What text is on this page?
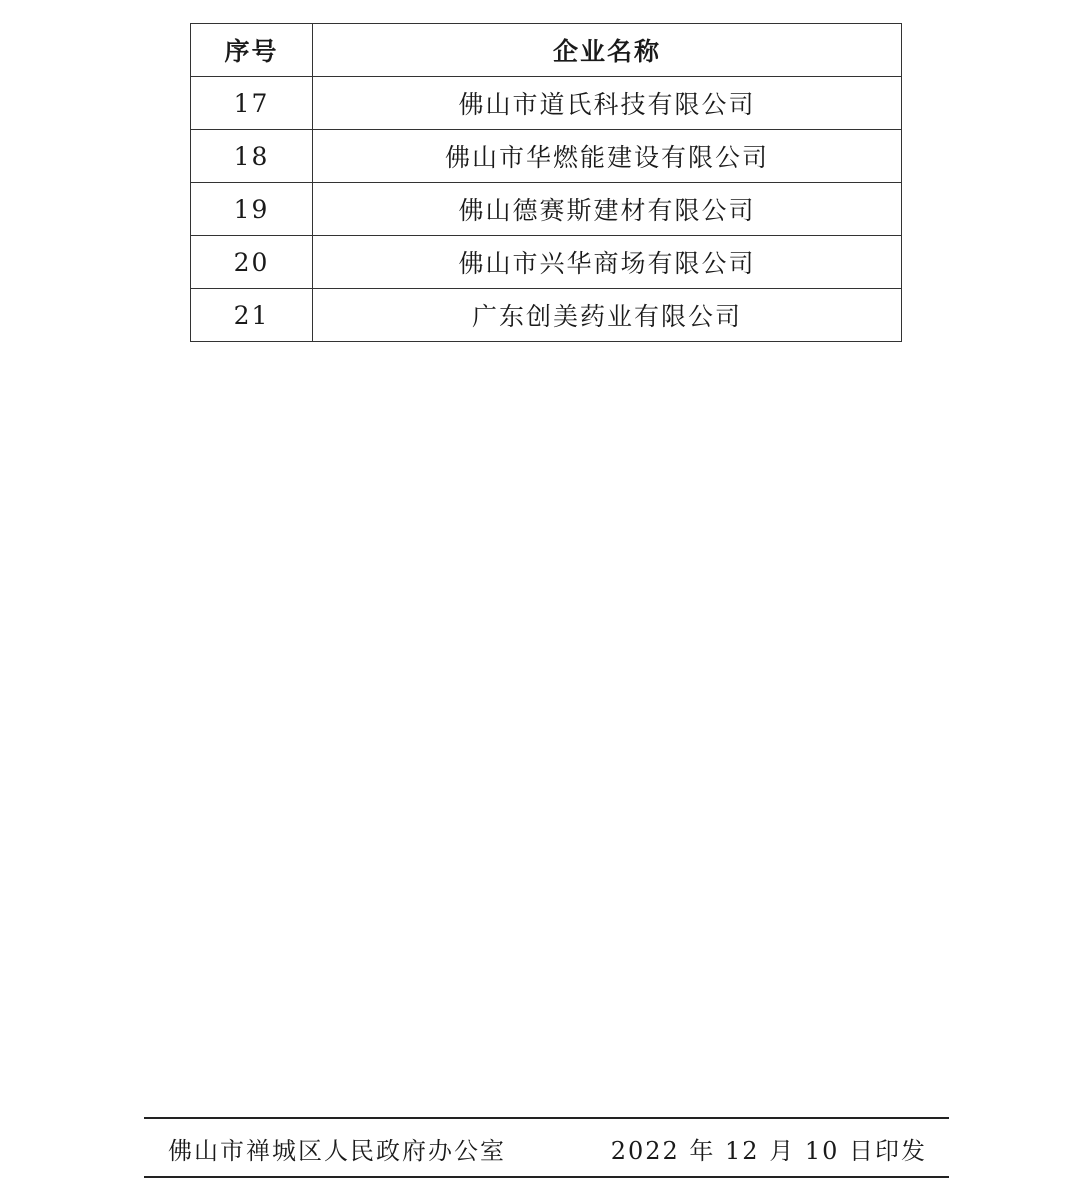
序号	企业名称
17	佛山市道氏科技有限公司
18	佛山市华燃能建设有限公司
19	佛山德赛斯建材有限公司
20	佛山市兴华商场有限公司
21	广东创美药业有限公司
佛山市禅城区人民政府办公室	2022 年 12 月 10 日印发
